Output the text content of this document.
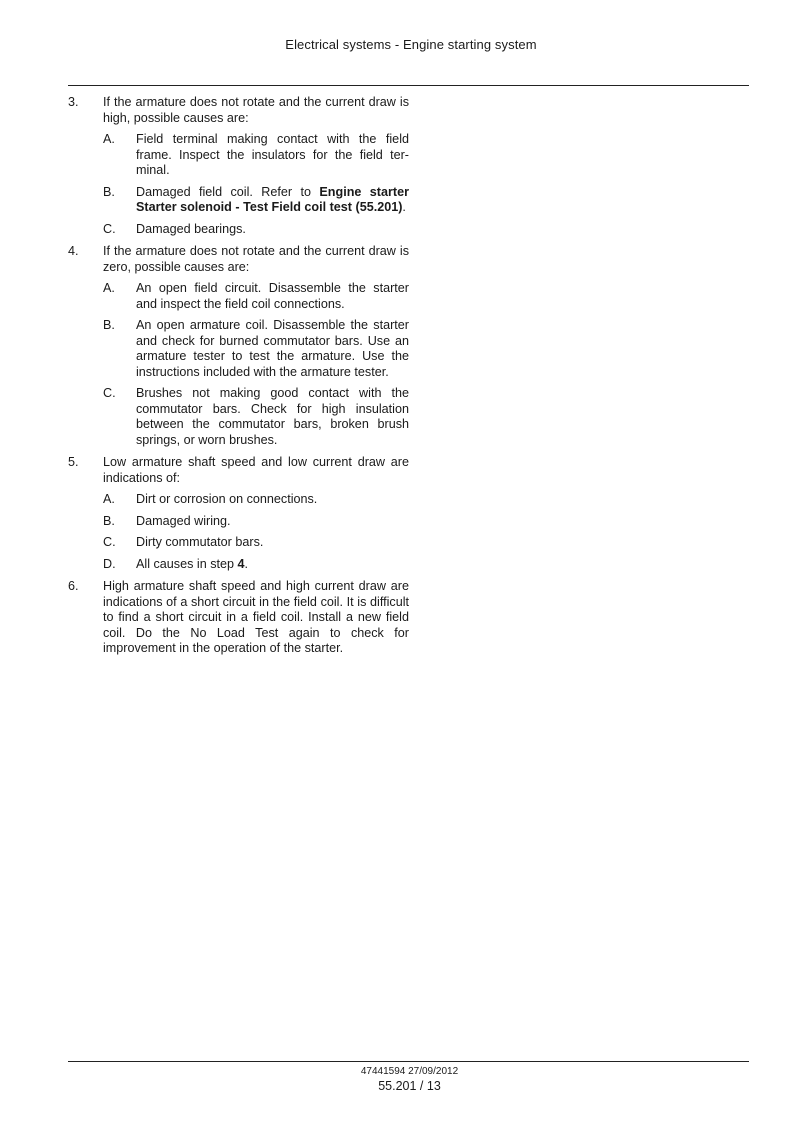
Electrical systems - Engine starting system
3. If the armature does not rotate and the current draw is high, possible causes are:
A. Field terminal making contact with the field frame. Inspect the insulators for the field ter-minal.
B. Damaged field coil. Refer to Engine starter Starter solenoid - Test Field coil test (55.201).
C. Damaged bearings.
4. If the armature does not rotate and the current draw is zero, possible causes are:
A. An open field circuit. Disassemble the starter and inspect the field coil connections.
B. An open armature coil. Disassemble the starter and check for burned commutator bars. Use an armature tester to test the armature. Use the instructions included with the armature tester.
C. Brushes not making good contact with the commutator bars. Check for high insulation between the commutator bars, broken brush springs, or worn brushes.
5. Low armature shaft speed and low current draw are indications of:
A. Dirt or corrosion on connections.
B. Damaged wiring.
C. Dirty commutator bars.
D. All causes in step 4.
6. High armature shaft speed and high current draw are indications of a short circuit in the field coil. It is difficult to find a short circuit in a field coil. Install a new field coil. Do the No Load Test again to check for improvement in the operation of the starter.
47441594 27/09/2012
55.201 / 13
